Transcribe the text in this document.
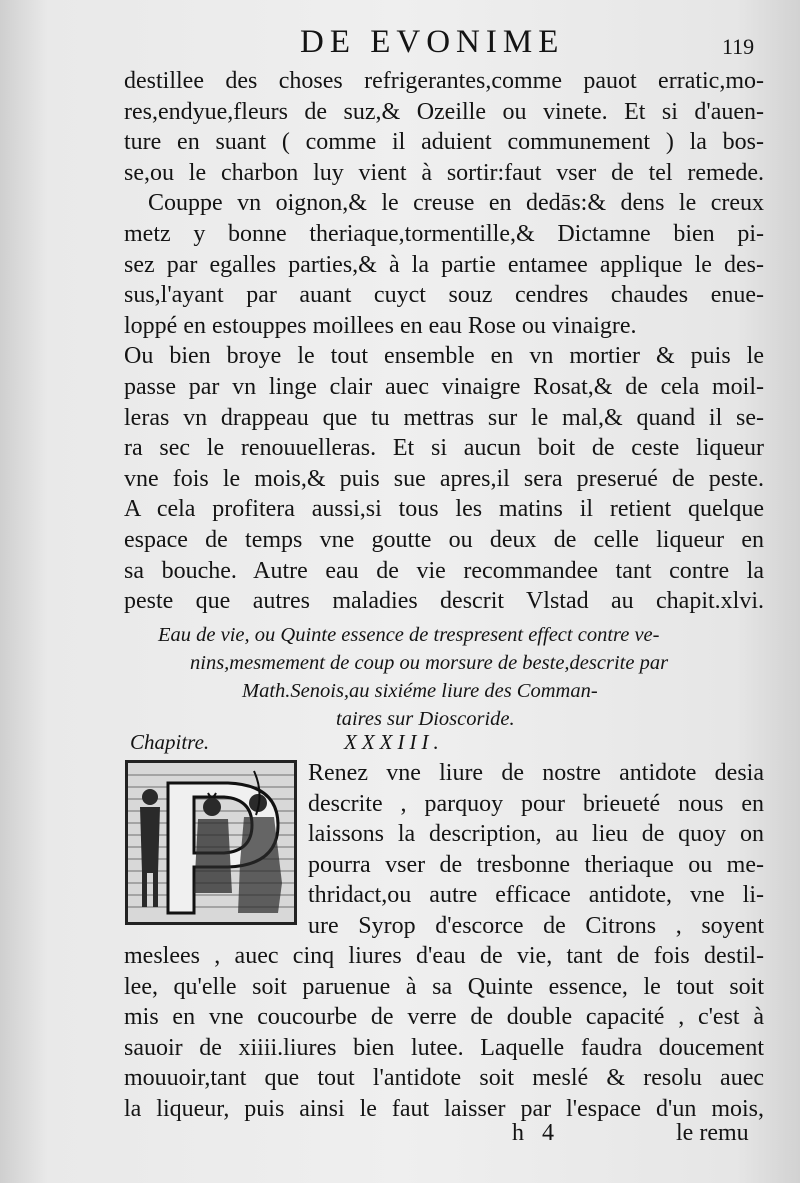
DE EVONIME	119
destillee des choses refrigerantes,comme pauot erratic,mo-
res,endyue,fleurs de suz,& Ozeille ou vinete. Et si d'auen-
ture en suant ( comme il aduient communement ) la bos-
se,ou le charbon luy vient à sortir:faut vser de tel remede.
Couppe vn oignon,& le creuse en dedās:& dens le creux
metz y bonne theriaque,tormentille,& Dictamne bien pi-
sez par egalles parties,& à la partie entamee applique le des-
sus,l'ayant par auant cuyct souz cendres chaudes enue-
loppé en estouppes moillees en eau Rose ou vinaigre.
Ou bien broye le tout ensemble en vn mortier & puis le
passe par vn linge clair auec vinaigre Rosat,& de cela moil-
leras vn drappeau que tu mettras sur le mal,& quand il se-
ra sec le renouuelleras. Et si aucun boit de ceste liqueur
vne fois le mois,& puis sue apres,il sera preserué de peste.
A cela profitera aussi,si tous les matins il retient quelque
espace de temps vne goutte ou deux de celle liqueur en
sa bouche. Autre eau de vie recommandee tant contre la
peste que autres maladies descrit Vlstad au chapit.xlvi.
Eau de vie, ou Quinte essence de trespresent effect contre ve-
nins,mesmement de coup ou morsure de beste,descrite par
Math.Senois,au sixiéme liure des Comman-
taires sur Dioscoride.
Chapitre.	XXXIII.
Renez vne liure de nostre antidote desia
descrite , parquoy pour brieueté nous en
laissons la description, au lieu de quoy on
pourra vser de tresbonne theriaque ou me-
thridact,ou autre efficace antidote, vne li-
ure Syrop d'escorce de Citrons , soyent
meslees , auec cinq liures d'eau de vie, tant de fois destil-
lee, qu'elle soit paruenue à sa Quinte essence, le tout soit
mis en vne coucourbe de verre de double capacité , c'est à
sauoir de xiiii.liures bien lutee. Laquelle faudra doucement
mouuoir,tant que tout l'antidote soit meslé & resolu auec
la liqueur, puis ainsi le faut laisser par l'espace d'un mois,
h 4	le remu
